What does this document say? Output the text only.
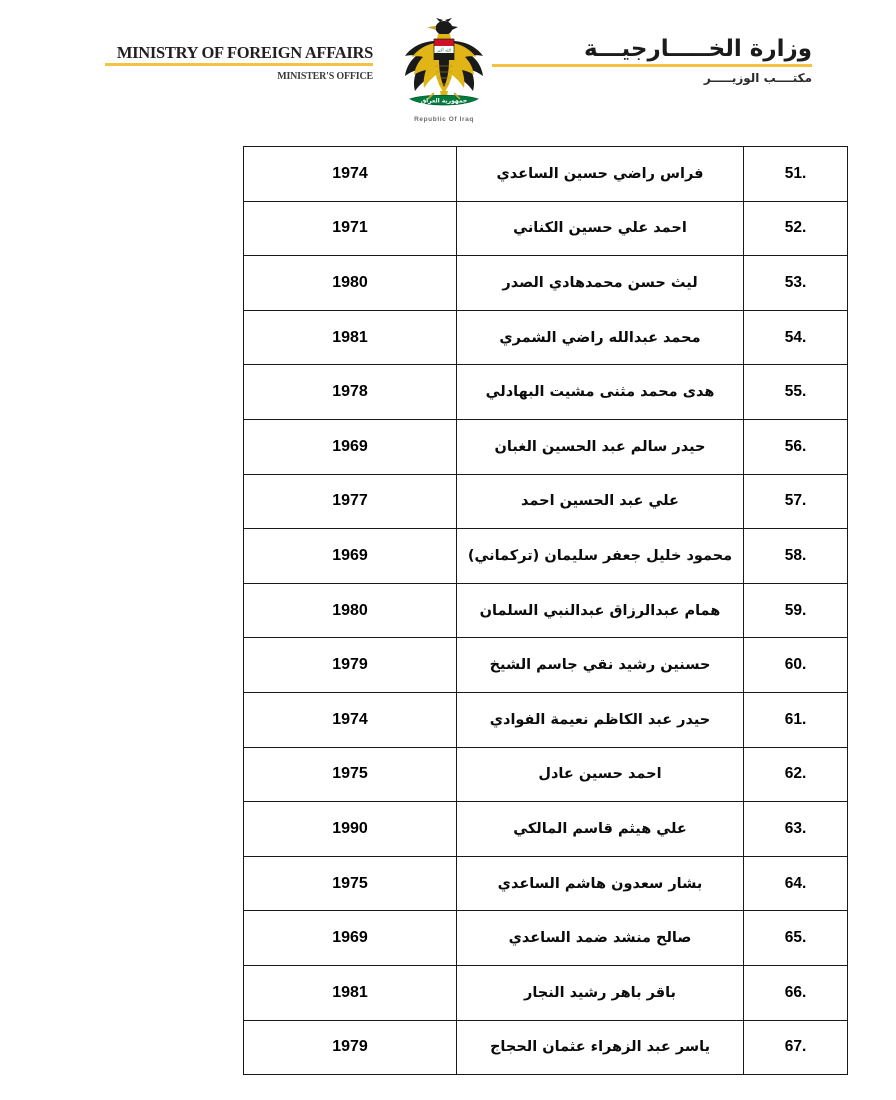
MINISTRY OF FOREIGN AFFAIRS
MINISTER'S OFFICE
الله أكبر
جمهورية العراق
Republic Of Iraq
وزارة الخـــــارجيـــة
مكتــــب الوزيـــــر
51.	فراس راضي حسين الساعدي	1974
52.	احمد علي حسين الكناني	1971
53.	ليث حسن محمدهادي الصدر	1980
54.	محمد عبدالله راضي الشمري	1981
55.	هدى محمد مثنى مشيت البهادلي	1978
56.	حيدر سالم عبد الحسين الغبان	1969
57.	علي عبد الحسين احمد	1977
58.	محمود خليل جعفر سليمان (تركماني)	1969
59.	همام عبدالرزاق عبدالنبي السلمان	1980
60.	حسنين رشيد نقي جاسم الشيخ	1979
61.	حيدر عبد الكاظم نعيمة الفوادي	1974
62.	احمد حسين عادل	1975
63.	علي هيثم قاسم المالكي	1990
64.	بشار سعدون هاشم الساعدي	1975
65.	صالح منشد ضمد الساعدي	1969
66.	باقر باهر رشيد النجار	1981
67.	ياسر عبد الزهراء عثمان الحجاج	1979
